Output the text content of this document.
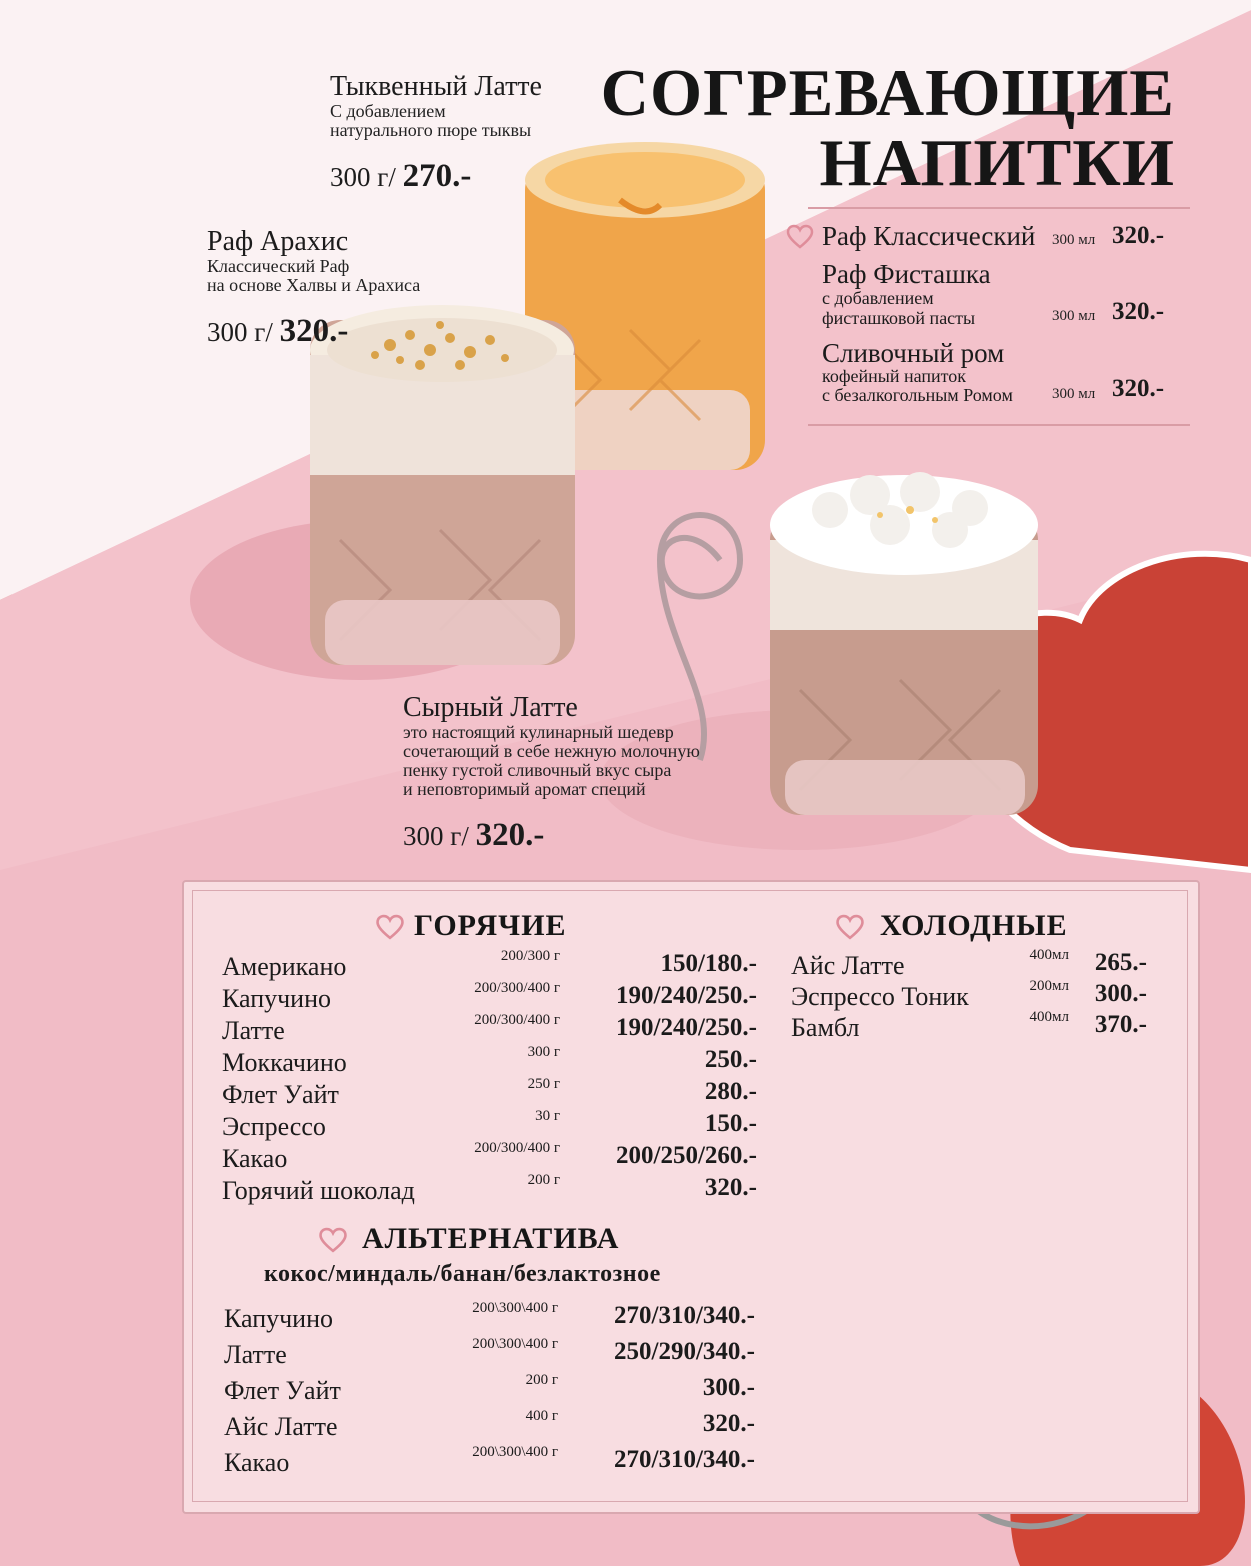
СОГРЕВАЮЩИЕ
НАПИТКИ
Тыквенный Латте
С добавлением
натурального пюре тыквы
300 г/ 270.-
Раф Арахис
Классический Раф
на основе Халвы и Арахиса
300 г/ 320.-
Сырный Латте
это настоящий кулинарный шедевр
сочетающий в себе нежную молочную
пенку густой сливочный вкус сыра
и неповторимый аромат специй
300 г/ 320.-
Раф Классический 300 мл 320.-
Раф Фисташка
с добавлением
фисташковой пасты	300 мл 320.-
Сливочный ром
кофейный напиток
с безалкогольным Ромом	300 мл 320.-
ГОРЯЧИЕ
Американо	200/300 г	150/180.-
Капучино	200/300/400 г 190/240/250.-
Латте	200/300/400 г 190/240/250.-
Моккачино	300 г	250.-
Флет Уайт	250 г	280.-
Эспрессо	30 г	150.-
Какао	200/300/400 г 200/250/260.-
Горячий шоколад	200 г	320.-
ХОЛОДНЫЕ
Айс Латте	400мл 265.-
Эспрессо Тоник	200мл 300.-
Бамбл	400мл 370.-
АЛЬТЕРНАТИВА
кокос/миндаль/банан/безлактозное
Капучино	200\300\400 г 270/310/340.-
Латте	200\300\400 г 250/290/340.-
Флет Уайт	200 г	300.-
Айс Латте	400 г	320.-
Какао	200\300\400 г 270/310/340.-
